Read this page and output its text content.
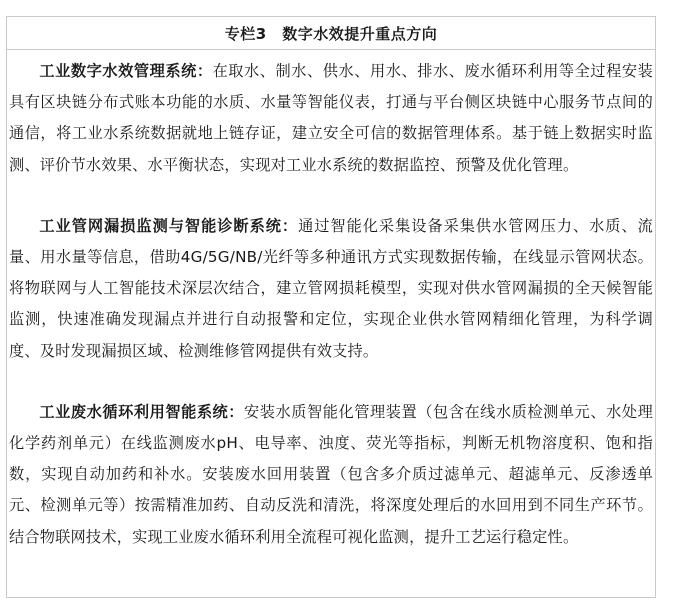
专栏3　数字水效提升重点方向

工业数字水效管理系统：在取水、制水、供水、用水、排水、废水循环利用等全过程安装具有区块链分布式账本功能的水质、水量等智能仪表，打通与平台侧区块链中心服务节点间的通信，将工业水系统数据就地上链存证，建立安全可信的数据管理体系。基于链上数据实时监测、评价节水效果、水平衡状态，实现对工业水系统的数据监控、预警及优化管理。

工业管网漏损监测与智能诊断系统：通过智能化采集设备采集供水管网压力、水质、流量、用水量等信息，借助4G/5G/NB/光纤等多种通讯方式实现数据传输，在线显示管网状态。将物联网与人工智能技术深层次结合，建立管网损耗模型，实现对供水管网漏损的全天候智能监测，快速准确发现漏点并进行自动报警和定位，实现企业供水管网精细化管理，为科学调度、及时发现漏损区域、检测维修管网提供有效支持。

工业废水循环利用智能系统：安装水质智能化管理装置（包含在线水质检测单元、水处理化学药剂单元）在线监测废水pH、电导率、浊度、荧光等指标，判断无机物溶度积、饱和指数，实现自动加药和补水。安装废水回用装置（包含多介质过滤单元、超滤单元、反渗透单元、检测单元等）按需精准加药、自动反洗和清洗，将深度处理后的水回用到不同生产环节。结合物联网技术，实现工业废水循环利用全流程可视化监测，提升工艺运行稳定性。
